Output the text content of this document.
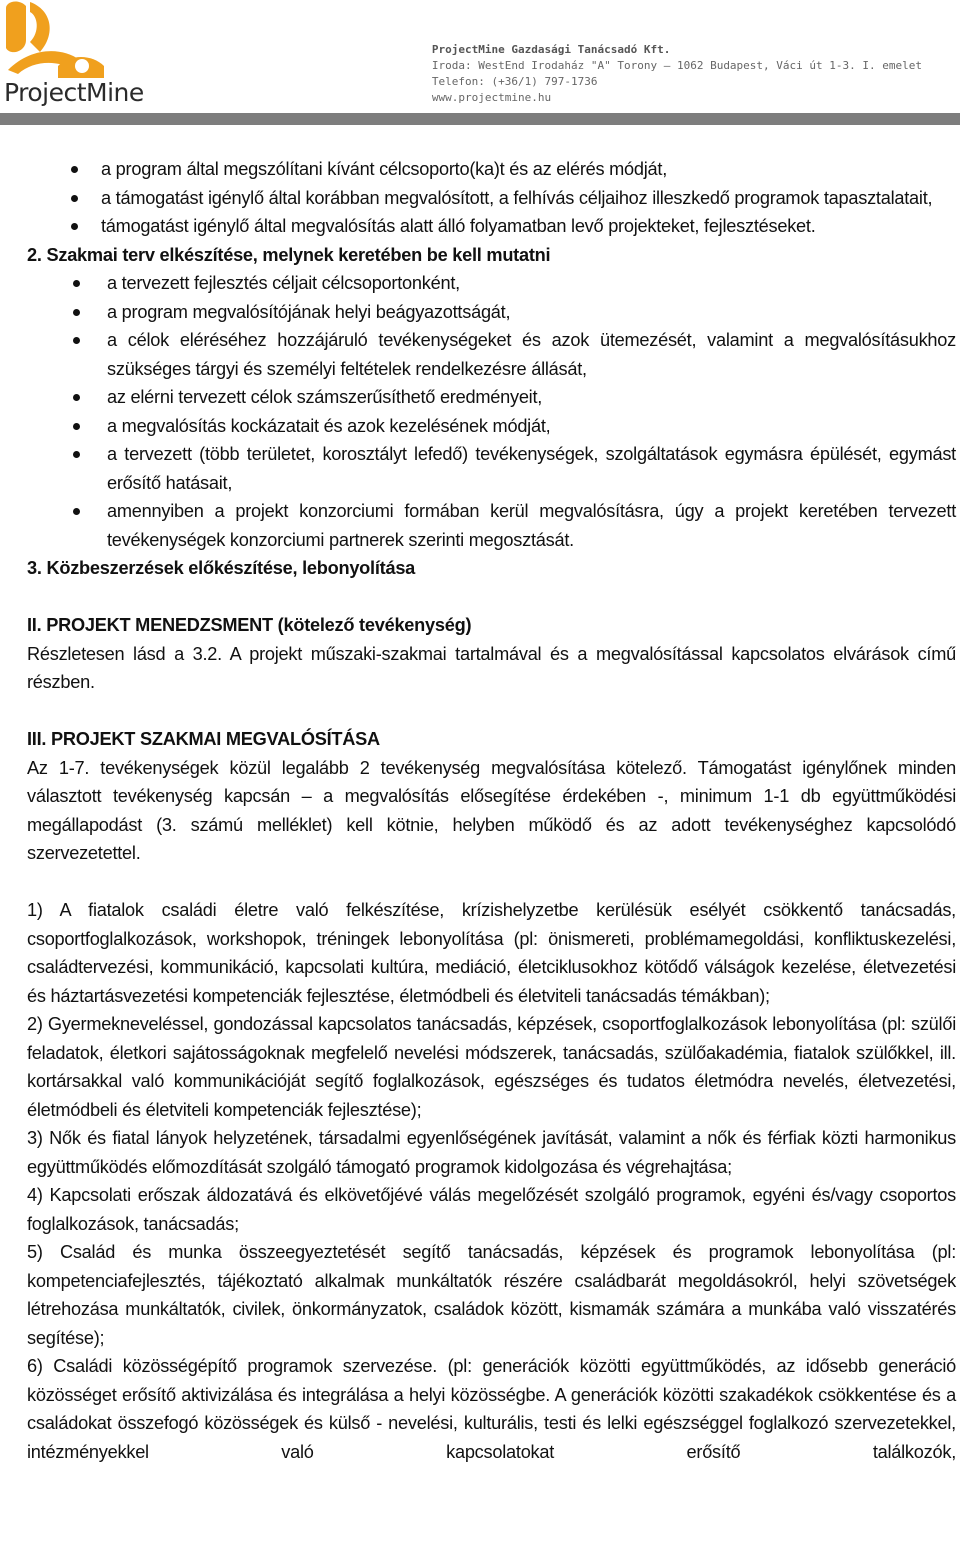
ProjectMine
ProjectMine Gazdasági Tanácsadó Kft.
Iroda: WestEnd Irodaház "A" Torony – 1062 Budapest, Váci út 1-3. I. emelet
Telefon: (+36/1) 797-1736
www.projectmine.hu
a program által megszólítani kívánt célcsoporto(ka)t és az elérés módját,
a támogatást igénylő által korábban megvalósított, a felhívás céljaihoz illeszkedő programok tapasztalatait,
támogatást igénylő által megvalósítás alatt álló folyamatban levő projekteket, fejlesztéseket.
2. Szakmai terv elkészítése, melynek keretében be kell mutatni
a tervezett fejlesztés céljait célcsoportonként,
a program megvalósítójának helyi beágyazottságát,
a célok eléréséhez hozzájáruló tevékenységeket és azok ütemezését, valamint a megvalósításukhoz szükséges tárgyi és személyi feltételek rendelkezésre állását,
az elérni tervezett célok számszerűsíthető eredményeit,
a megvalósítás kockázatait és azok kezelésének módját,
a tervezett (több területet, korosztályt lefedő) tevékenységek, szolgáltatások egymásra épülését, egymást erősítő hatásait,
amennyiben a projekt konzorciumi formában kerül megvalósításra, úgy a projekt keretében tervezett tevékenységek konzorciumi partnerek szerinti megosztását.
3. Közbeszerzések előkészítése, lebonyolítása
II. PROJEKT MENEDZSMENT (kötelező tevékenység)
Részletesen lásd a 3.2. A projekt műszaki-szakmai tartalmával és a megvalósítással kapcsolatos elvárások című részben.
III. PROJEKT SZAKMAI MEGVALÓSÍTÁSA
Az 1-7. tevékenységek közül legalább 2 tevékenység megvalósítása kötelező. Támogatást igénylőnek minden választott tevékenység kapcsán – a megvalósítás elősegítése érdekében -, minimum 1-1 db együttműködési megállapodást (3. számú melléklet) kell kötnie, helyben működő és az adott tevékenységhez kapcsolódó szervezetettel.
1) A fiatalok családi életre való felkészítése, krízishelyzetbe kerülésük esélyét csökkentő tanácsadás, csoportfoglalkozások, workshopok, tréningek lebonyolítása (pl: önismereti, problémamegoldási, konfliktuskezelési, családtervezési, kommunikáció, kapcsolati kultúra, mediáció, életciklusokhoz kötődő válságok kezelése, életvezetési és háztartásvezetési kompetenciák fejlesztése, életmódbeli és életviteli tanácsadás témákban);
2) Gyermekneveléssel, gondozással kapcsolatos tanácsadás, képzések, csoportfoglalkozások lebonyolítása (pl: szülői feladatok, életkori sajátosságoknak megfelelő nevelési módszerek, tanácsadás, szülőakadémia, fiatalok szülőkkel, ill. kortársakkal való kommunikációját segítő foglalkozások, egészséges és tudatos életmódra nevelés, életvezetési, életmódbeli és életviteli kompetenciák fejlesztése);
3) Nők és fiatal lányok helyzetének, társadalmi egyenlőségének javítását, valamint a nők és férfiak közti harmonikus együttműködés előmozdítását szolgáló támogató programok kidolgozása és végrehajtása;
4) Kapcsolati erőszak áldozatává és elkövetőjévé válás megelőzését szolgáló programok, egyéni és/vagy csoportos foglalkozások, tanácsadás;
5) Család és munka összeegyeztetését segítő tanácsadás, képzések és programok lebonyolítása (pl: kompetenciafejlesztés, tájékoztató alkalmak munkáltatók részére családbarát megoldásokról, helyi szövetségek létrehozása munkáltatók, civilek, önkormányzatok, családok között, kismamák számára a munkába való visszatérés segítése);
6) Családi közösségépítő programok szervezése. (pl: generációk közötti együttműködés, az idősebb generáció közösséget erősítő aktivizálása és integrálása a helyi közösségbe. A generációk közötti szakadékok csökkentése és a családokat összefogó közösségek és külső - nevelési, kulturális, testi és lelki egészséggel foglalkozó szervezetekkel, intézményekkel való kapcsolatokat erősítő találkozók,
